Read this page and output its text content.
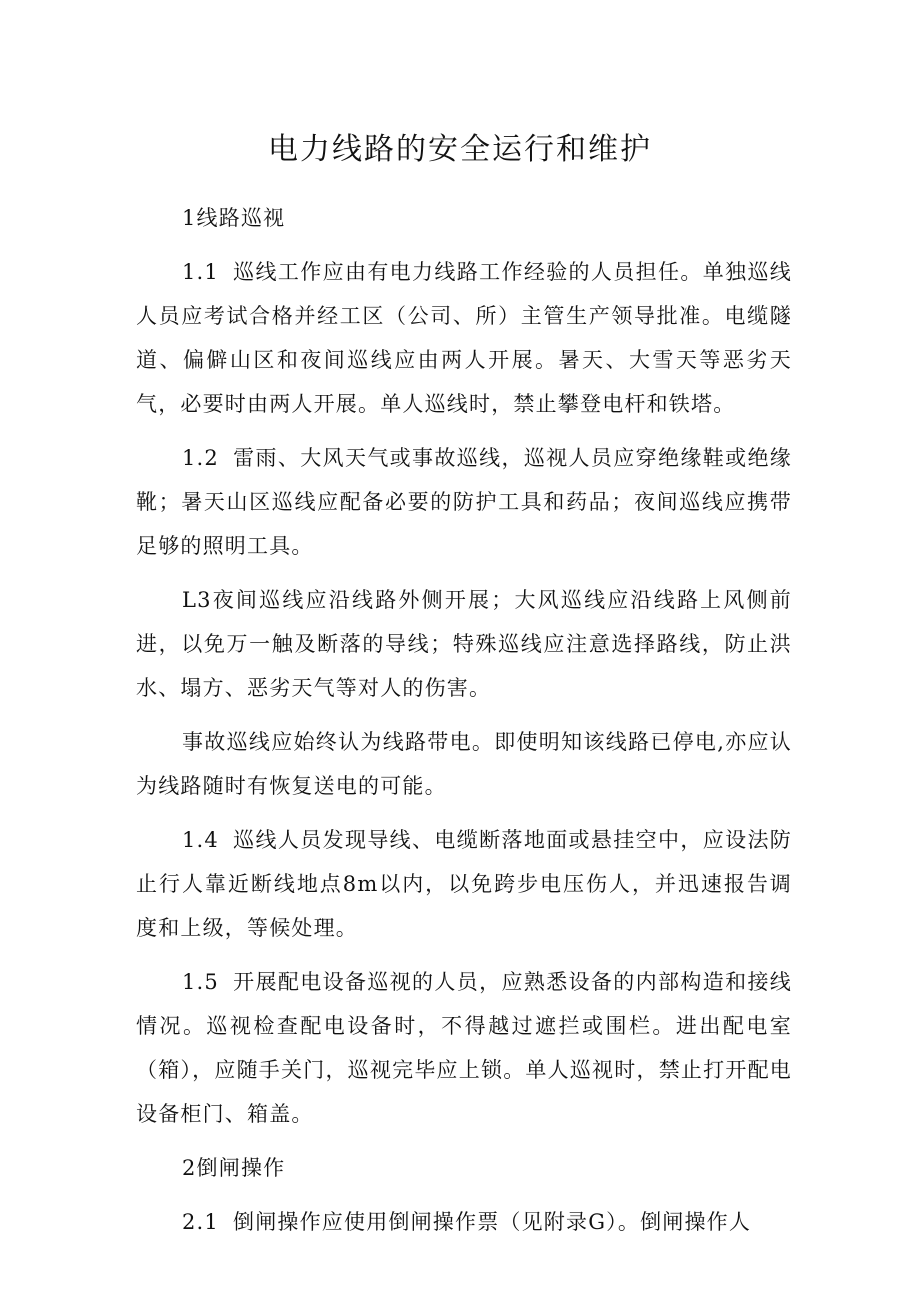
电力线路的安全运行和维护

1线路巡视

1.1 巡线工作应由有电力线路工作经验的人员担任。单独巡线人员应考试合格并经工区（公司、所）主管生产领导批准。电缆隧道、偏僻山区和夜间巡线应由两人开展。暑天、大雪天等恶劣天气，必要时由两人开展。单人巡线时，禁止攀登电杆和铁塔。

1.2 雷雨、大风天气或事故巡线，巡视人员应穿绝缘鞋或绝缘靴；暑天山区巡线应配备必要的防护工具和药品；夜间巡线应携带足够的照明工具。

L3夜间巡线应沿线路外侧开展；大风巡线应沿线路上风侧前进，以免万一触及断落的导线；特殊巡线应注意选择路线，防止洪水、塌方、恶劣天气等对人的伤害。

事故巡线应始终认为线路带电。即使明知该线路已停电,亦应认为线路随时有恢复送电的可能。

1.4 巡线人员发现导线、电缆断落地面或悬挂空中，应设法防止行人靠近断线地点8m以内，以免跨步电压伤人，并迅速报告调度和上级，等候处理。

1.5 开展配电设备巡视的人员，应熟悉设备的内部构造和接线情况。巡视检查配电设备时，不得越过遮拦或围栏。进出配电室（箱），应随手关门，巡视完毕应上锁。单人巡视时，禁止打开配电设备柜门、箱盖。

2倒闸操作

2.1 倒闸操作应使用倒闸操作票（见附录G）。倒闸操作人
